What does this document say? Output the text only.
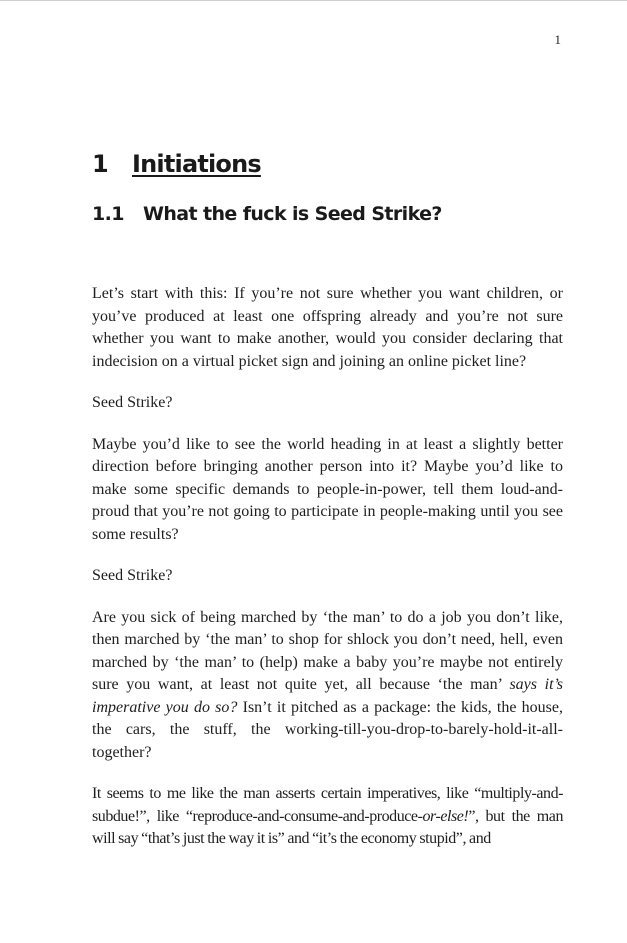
1
1 Initiations
1.1 What the fuck is Seed Strike?

Let’s start with this: If you’re not sure whether you want children, or you’ve produced at least one offspring already and you’re not sure whether you want to make another, would you consider declaring that indecision on a virtual picket sign and joining an online picket line?

Seed Strike?

Maybe you’d like to see the world heading in at least a slightly better direction before bringing another person into it? Maybe you’d like to make some specific demands to people-in-power, tell them loud-and-proud that you’re not going to participate in people-making until you see some results?

Seed Strike?

Are you sick of being marched by ‘the man’ to do a job you don’t like, then marched by ‘the man’ to shop for shlock you don’t need, hell, even marched by ‘the man’ to (help) make a baby you’re maybe not entirely sure you want, at least not quite yet, all because ‘the man’ says it’s imperative you do so? Isn’t it pitched as a package: the kids, the house, the cars, the stuff, the working-till-you-drop-to-barely-hold-it-all-together?

It seems to me like the man asserts certain imperatives, like “multiply-and-subdue!”, like “reproduce-and-consume-and-produce-or-else!”, but the man will say “that’s just the way it is” and “it’s the economy stupid”, and
